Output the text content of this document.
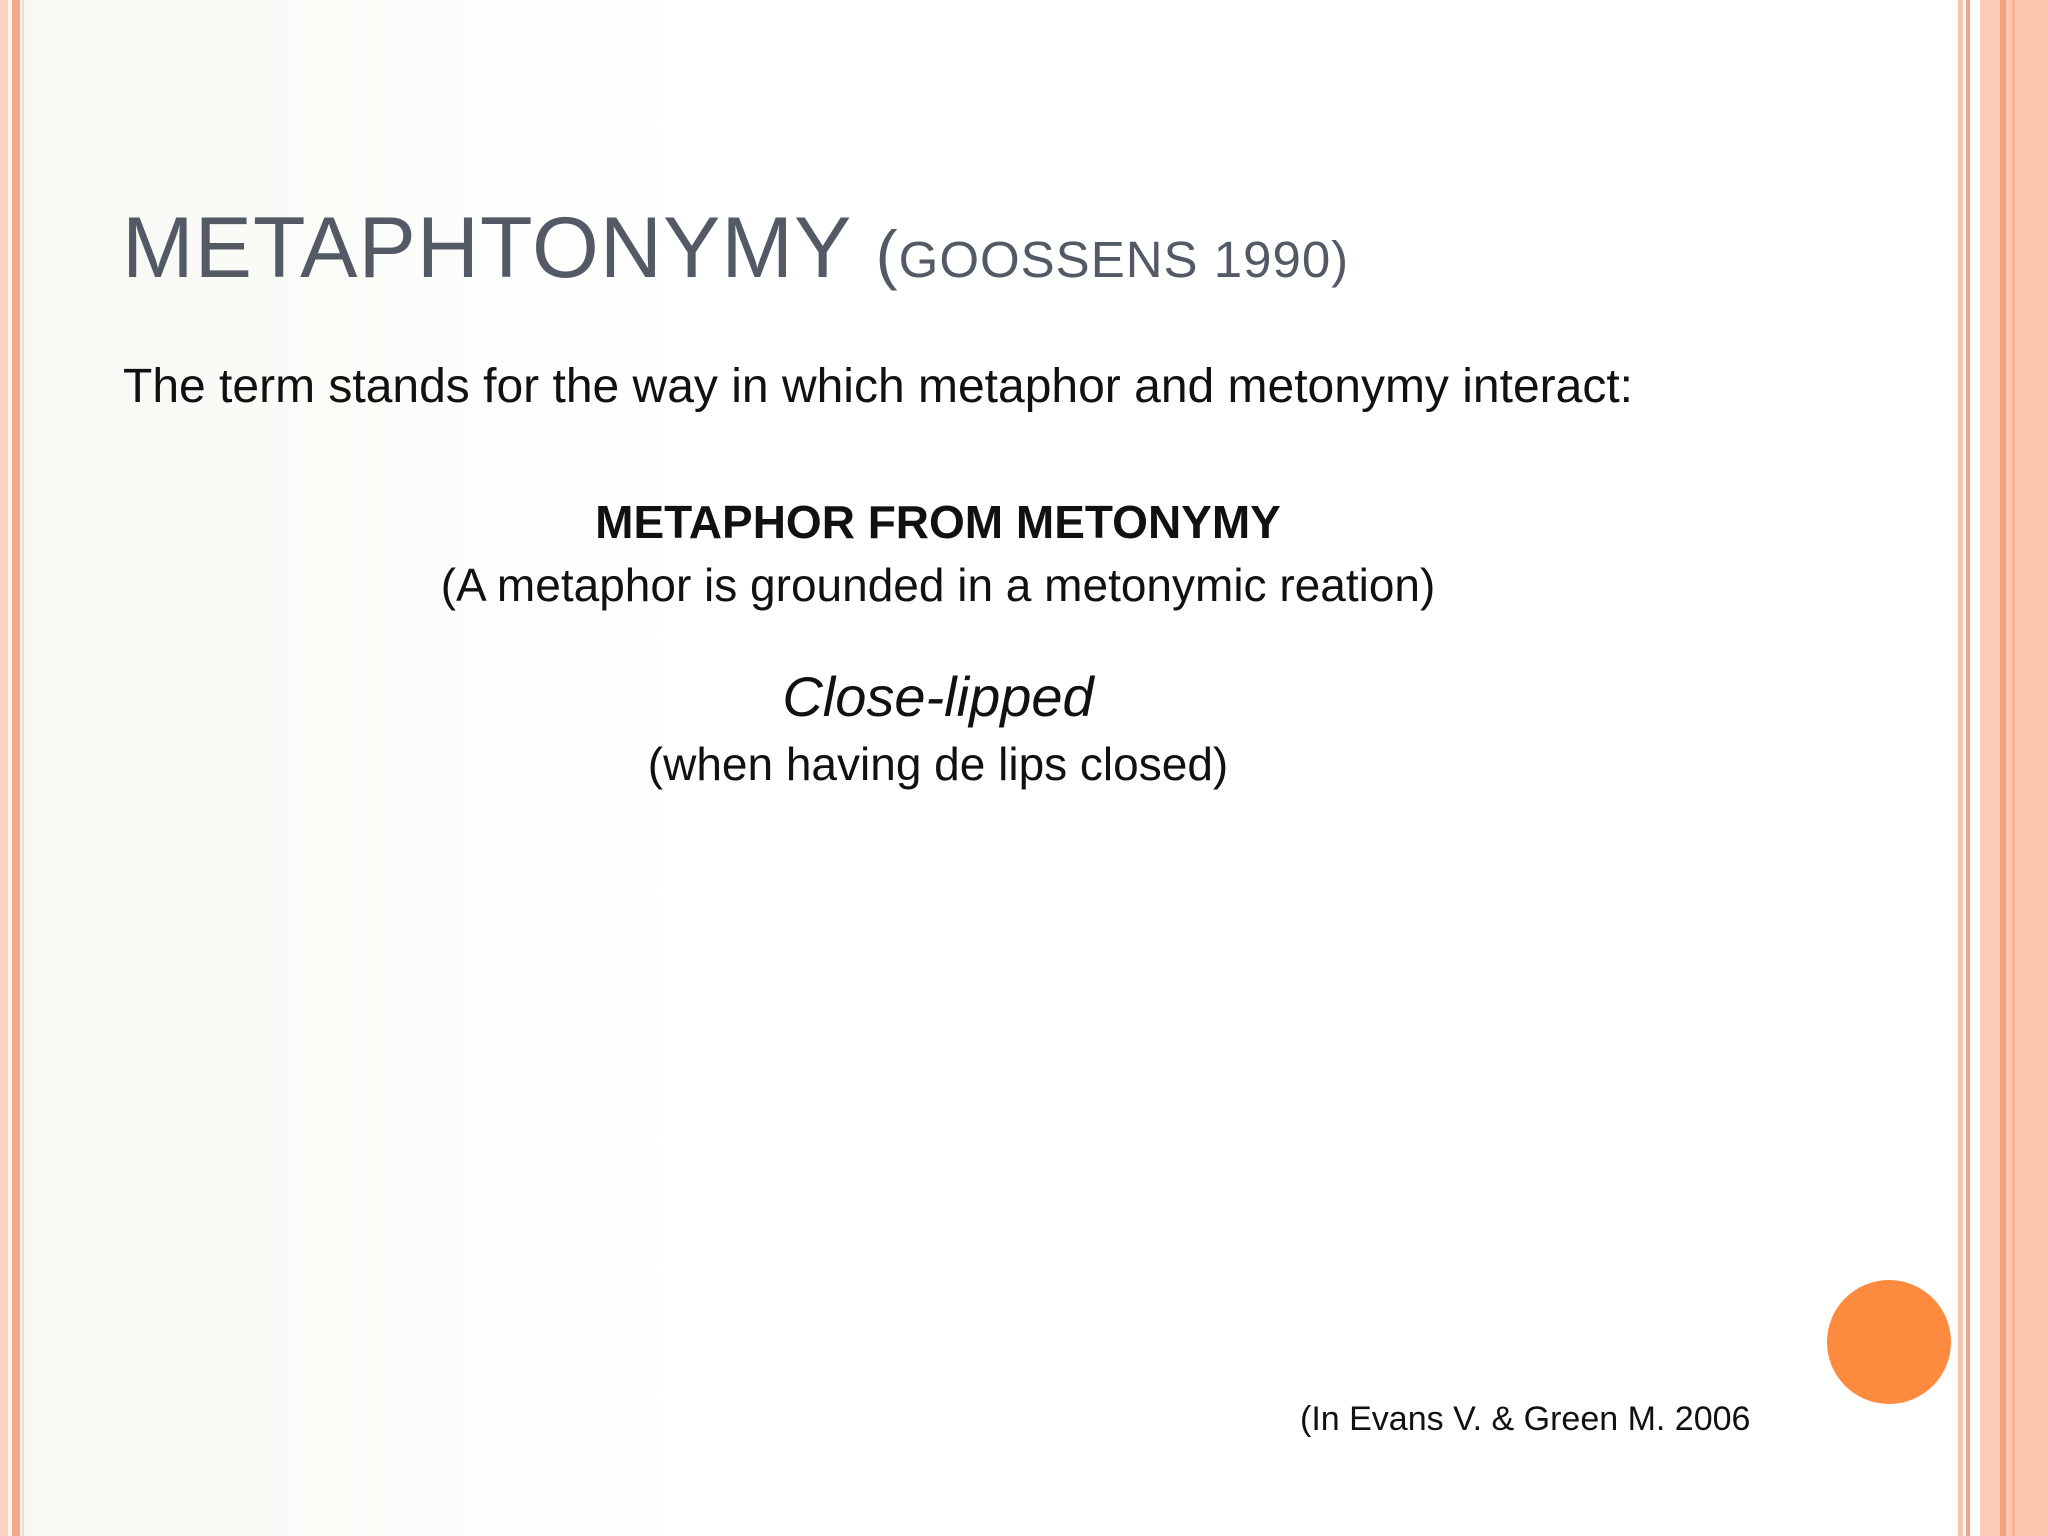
METAPHTONYMY (GOOSSENS 1990)
The term stands for the way in which metaphor and metonymy interact:
METAPHOR FROM METONYMY
(A metaphor is grounded in a metonymic reation)
Close-lipped
(when having de lips closed)
(In Evans V. & Green M. 2006
